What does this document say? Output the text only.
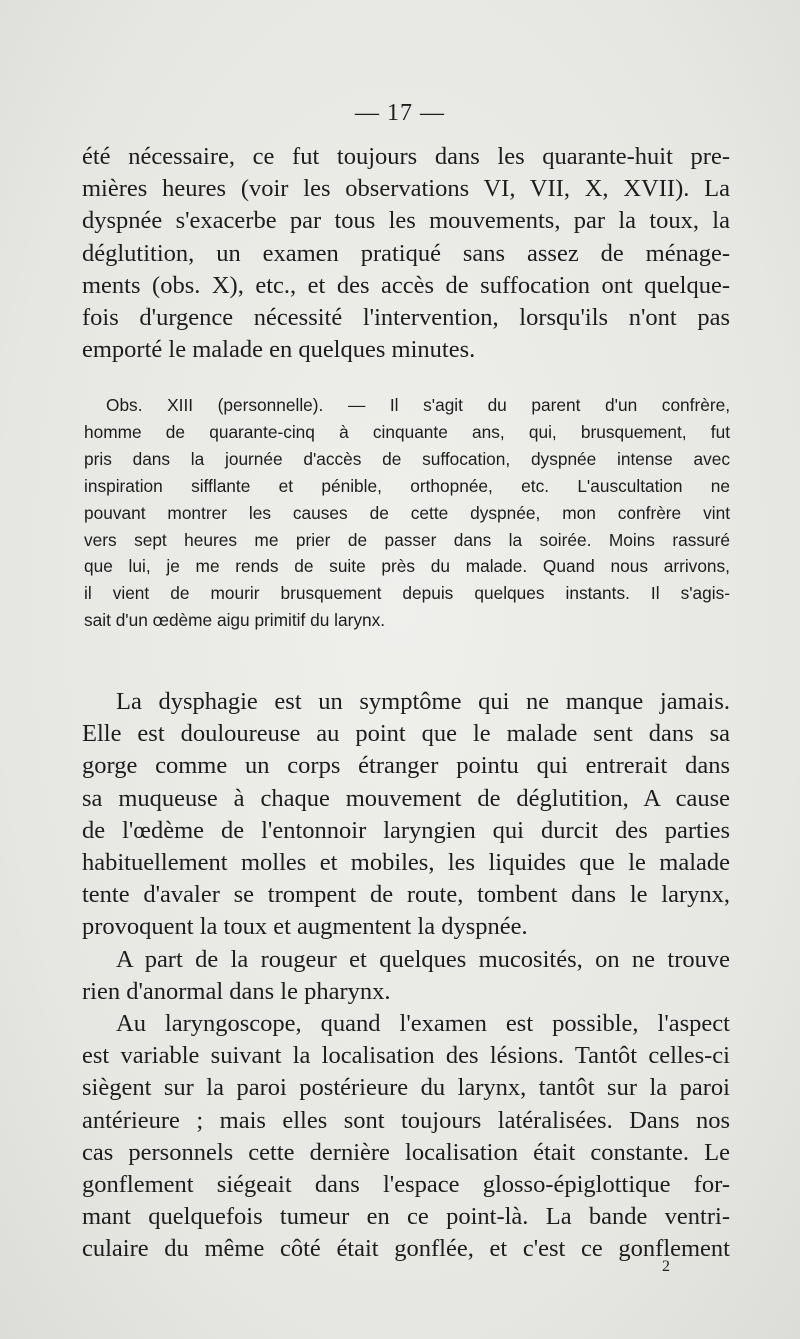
— 17 —

été nécessaire, ce fut toujours dans les quarante-huit pre-
mières heures (voir les observations VI, VII, X, XVII). La
dyspnée s'exacerbe par tous les mouvements, par la toux, la
déglutition, un examen pratiqué sans assez de ménage-
ments (obs. X), etc., et des accès de suffocation ont quelque-
fois d'urgence nécessité l'intervention, lorsqu'ils n'ont pas
emporté le malade en quelques minutes.

Obs. XIII (personnelle). — Il s'agit du parent d'un confrère,
homme de quarante-cinq à cinquante ans, qui, brusquement, fut
pris dans la journée d'accès de suffocation, dyspnée intense avec
inspiration sifflante et pénible, orthopnée, etc. L'auscultation ne
pouvant montrer les causes de cette dyspnée, mon confrère vint
vers sept heures me prier de passer dans la soirée. Moins rassuré
que lui, je me rends de suite près du malade. Quand nous arrivons,
il vient de mourir brusquement depuis quelques instants. Il s'agis-
sait d'un œdème aigu primitif du larynx.

La dysphagie est un symptôme qui ne manque jamais.
Elle est douloureuse au point que le malade sent dans sa
gorge comme un corps étranger pointu qui entrerait dans
sa muqueuse à chaque mouvement de déglutition, A cause
de l'œdème de l'entonnoir laryngien qui durcit des parties
habituellement molles et mobiles, les liquides que le malade
tente d'avaler se trompent de route, tombent dans le larynx,
provoquent la toux et augmentent la dyspnée.

A part de la rougeur et quelques mucosités, on ne trouve
rien d'anormal dans le pharynx.

Au laryngoscope, quand l'examen est possible, l'aspect
est variable suivant la localisation des lésions. Tantôt celles-ci
siègent sur la paroi postérieure du larynx, tantôt sur la paroi
antérieure ; mais elles sont toujours latéralisées. Dans nos
cas personnels cette dernière localisation était constante. Le
gonflement siégeait dans l'espace glosso-épiglottique for-
mant quelquefois tumeur en ce point-là. La bande ventri-
culaire du même côté était gonflée, et c'est ce gonflement

2
